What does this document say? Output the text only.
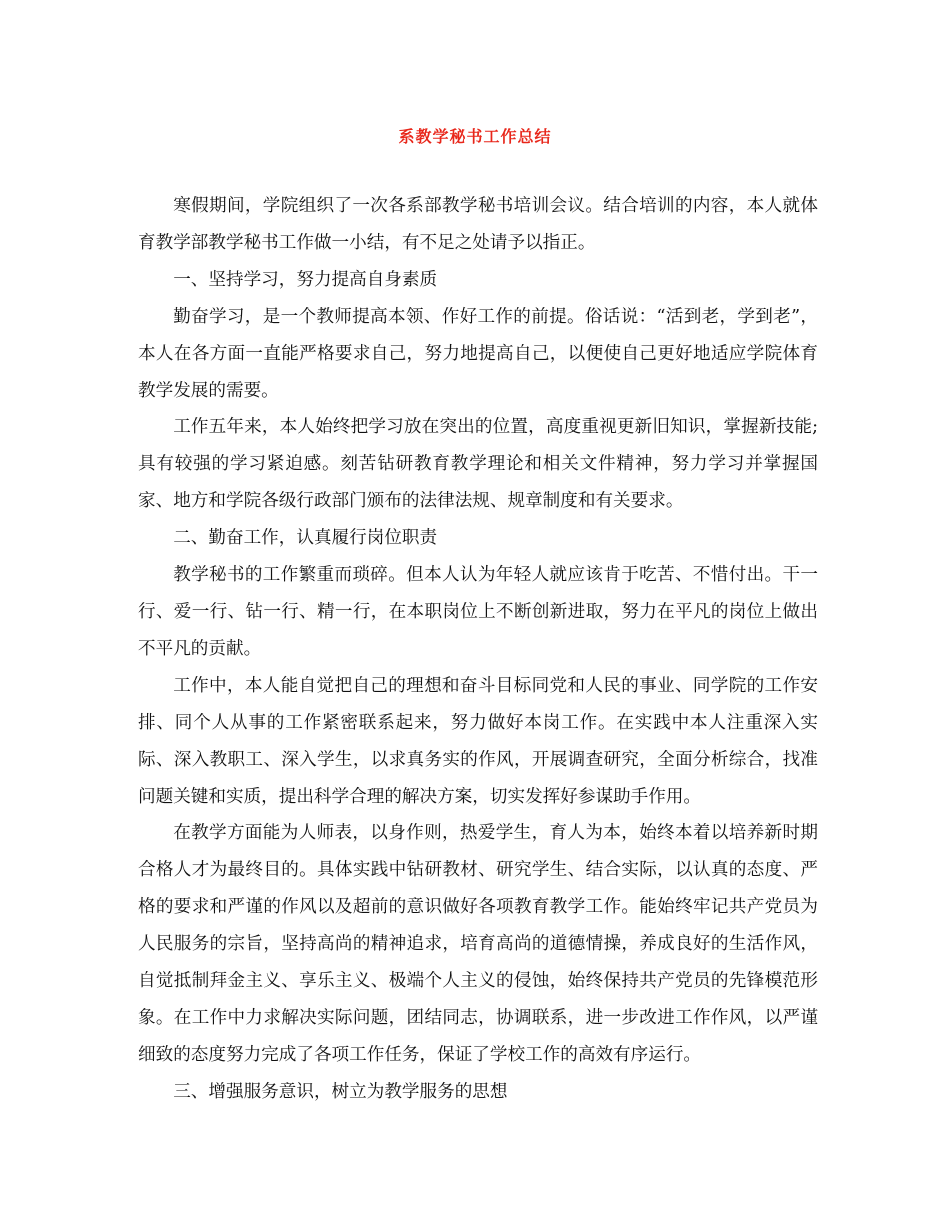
系教学秘书工作总结

寒假期间，学院组织了一次各系部教学秘书培训会议。结合培训的内容，本人就体育教学部教学秘书工作做一小结，有不足之处请予以指正。

一、坚持学习，努力提高自身素质

勤奋学习，是一个教师提高本领、作好工作的前提。俗话说：“活到老，学到老”，本人在各方面一直能严格要求自己，努力地提高自己，以便使自己更好地适应学院体育教学发展的需要。

工作五年来，本人始终把学习放在突出的位置，高度重视更新旧知识，掌握新技能;具有较强的学习紧迫感。刻苦钻研教育教学理论和相关文件精神，努力学习并掌握国家、地方和学院各级行政部门颁布的法律法规、规章制度和有关要求。

二、勤奋工作，认真履行岗位职责

教学秘书的工作繁重而琐碎。但本人认为年轻人就应该肯于吃苦、不惜付出。干一行、爱一行、钻一行、精一行，在本职岗位上不断创新进取，努力在平凡的岗位上做出不平凡的贡献。

工作中，本人能自觉把自己的理想和奋斗目标同党和人民的事业、同学院的工作安排、同个人从事的工作紧密联系起来，努力做好本岗工作。在实践中本人注重深入实际、深入教职工、深入学生，以求真务实的作风，开展调查研究，全面分析综合，找准问题关键和实质，提出科学合理的解决方案，切实发挥好参谋助手作用。

在教学方面能为人师表，以身作则，热爱学生，育人为本，始终本着以培养新时期合格人才为最终目的。具体实践中钻研教材、研究学生、结合实际，以认真的态度、严格的要求和严谨的作风以及超前的意识做好各项教育教学工作。能始终牢记共产党员为人民服务的宗旨，坚持高尚的精神追求，培育高尚的道德情操，养成良好的生活作风，自觉抵制拜金主义、享乐主义、极端个人主义的侵蚀，始终保持共产党员的先锋模范形象。在工作中力求解决实际问题，团结同志，协调联系，进一步改进工作作风，以严谨细致的态度努力完成了各项工作任务，保证了学校工作的高效有序运行。

三、增强服务意识，树立为教学服务的思想
